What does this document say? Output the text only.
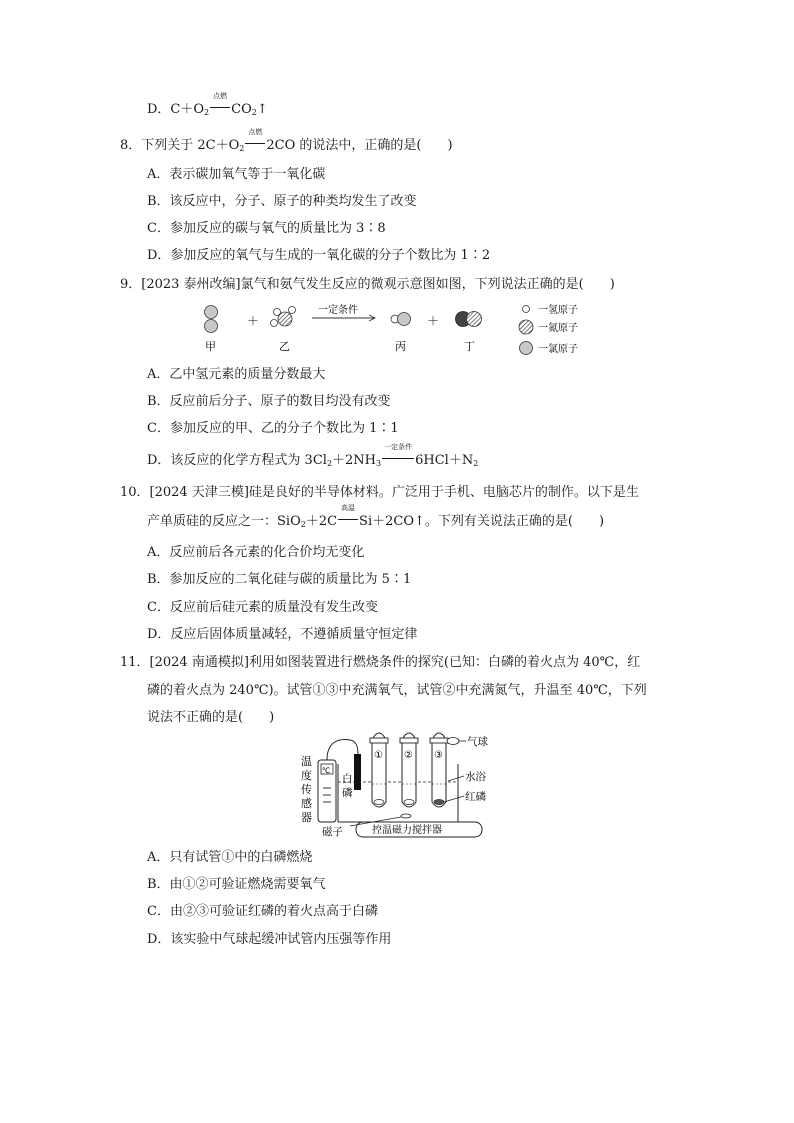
D．$C+O_2$
点燃
$CO_2↑$
8．下列关于 $2C+O_2$
点燃
2CO 的说法中，正确的是(　　)
A．表示碳加氧气等于一氧化碳
B．该反应中，分子、原子的种类均发生了改变
C．参加反应的碳与氧气的质量比为 3∶8
D．参加反应的氧气与生成的一氧化碳的分子个数比为 1∶2
9．[2023 泰州改编]氯气和氨气发生反应的微观示意图如图，下列说法正确的是(　　)
＋
一定条件
＋
甲	乙	丙	丁
一氢原子
一氮原子
一氯原子
A．乙中氢元素的质量分数最大
B．反应前后分子、原子的数目均没有改变
C．参加反应的甲、乙的分子个数比为 1∶1
D．该反应的化学方程式为 $3Cl_2+2NH_3$
一定条件
$6HCl+N_2$
10．[2024 天津三模]硅是良好的半导体材料。广泛用于手机、电脑芯片的制作。以下是生
产单质硅的反应之一：SiO$_2$＋2C
高温
Si＋2CO↑。下列有关说法正确的是(　　)
A．反应前后各元素的化合价均无变化
B．参加反应的二氧化硅与碳的质量比为 5∶1
C．反应前后硅元素的质量没有发生改变
D．反应后固体质量减轻，不遵循质量守恒定律
11．[2024 南通模拟]利用如图装置进行燃烧条件的探究(已知：白磷的着火点为 40℃，红
磷的着火点为 240℃)。试管①③中充满氧气，试管②中充满氮气，升温至 40℃，下列
说法不正确的是(　　)
温
度
传
感
器
℃
① ② ③
气球
水浴
红磷
白
磷
控温磁力搅拌器
磁子
A．只有试管①中的白磷燃烧
B．由①②可验证燃烧需要氧气
C．由②③可验证红磷的着火点高于白磷
D．该实验中气球起缓冲试管内压强等作用
